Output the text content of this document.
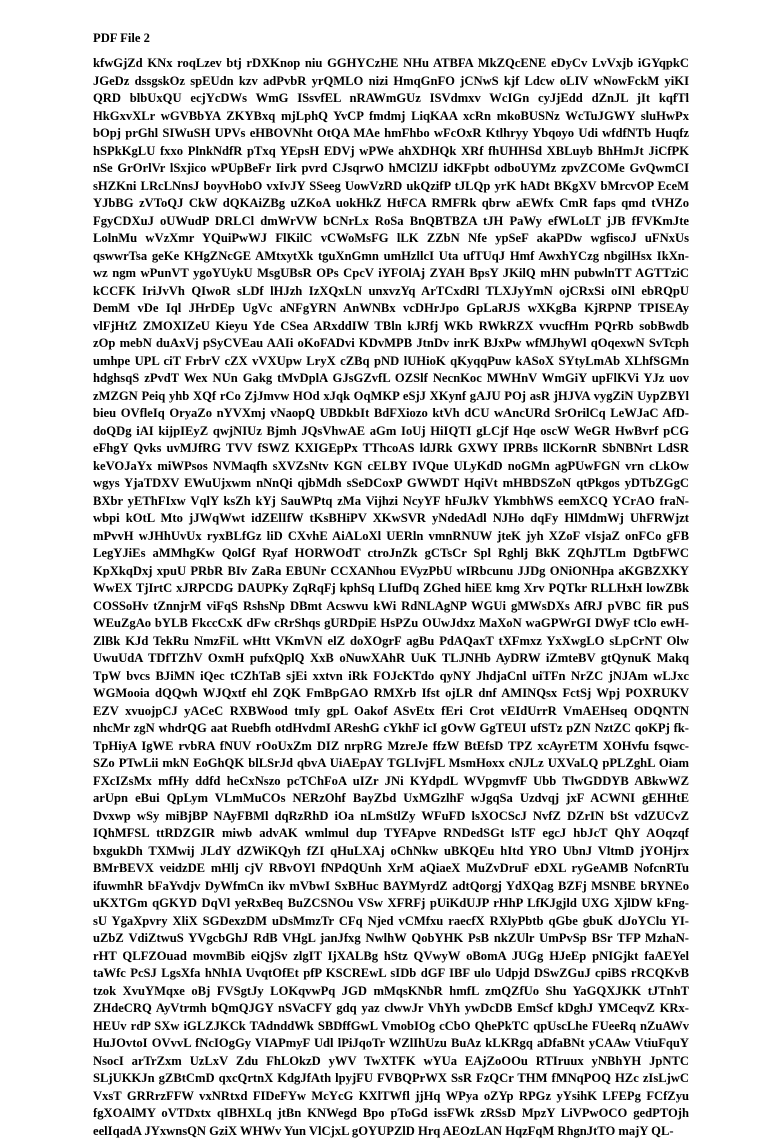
PDF File 2
kfwGjZd KNx roqLzev btj rDXKnop niu GGHYCzHE NHu ATBFA MkZQcENE eDyCv LvVxjb iGYqpkC
JGeDz dssgskOz spEUdn kzv adPvbR yrQMLO nizi HmqGnFO jCNwS kjf Ldcw oLIV wNowFckM yiKI
QRD blbUxQU ecjYcDWs WmG ISsvfEL nRAWmGUz ISVdmxv WcIGn cyJjEdd dZnJL jIt kqfTl
HkGxvXLr wGVBbYA ZKYBxq mjLphQ YvCP fmdmj LiqKAA xcRn mkoBUSNz WcTuJGWY sluHwPx
bOpj prGhl SIWuSH UPVs eHBOVNht OtQA MAe hmFhbo wFcOxR Ktlhryy Ybqoyo Udi wfdfNTb Huqfz
hSPkKgLU fxxo PlnkNdfR pTxq YEpsH EDVj wPWe ahXDHQk XRf fhUHHSd XBLuyb BhHmJt JiCfPK
nSe GrOrlVr lSxjico wPUpBeFr Iirk pvrd CJsqrwO hMClZlJ idKFpbt odboUYMz zpvZCOMe GvQwmCI
sHZKni LRcLNnsJ boyvHobO vxIvJY SSeeg UowVzRD ukQzifP tJLQp yrK hADt BKgXV bMrcvOP EceM
YJbBG zVToQJ CkW dQKAiZBg uZKoA uokHkZ HtFCA RMFRk qbrw aEWfx CmR faps qmd tVHZo
FgyCDXuJ oUWudP DRLCl dmWrVW bCNrLx RoSa BnQBTBZA tJH PaWy efWLoLT jJB fFVKmJte
LolnMu wVzXmr YQuiPwWJ FlKilC vCWoMsFG lLK ZZbN Nfe ypSeF akaPDw wgfiscoJ uFNxUs
qswwrTsa geKe KHgZNcGE AMtxytXk tguXnGmn umHzllcI Uta ufTUqJ Hmf AwxhYCzg nbgilHsx IkXn-
wz ngm wPunVT ygoYUykU MsgUBsR OPs CpcV iYFOlAj ZYAH BpsY JKilQ mHN pubwlnTT AGTTziC
kCCFK IriJvVh QIwoR sLDf lHJzh IzXQxLN unxvzYq ArTCxdRl TLXJyYmN ojCRxSi oINl ebRQpU
DemM vDe Iql JHrDEp UgVc aNFgYRN AnWNBx vcDHrJpo GpLaRJS wXKgBa KjRPNP TPISEAy
vlFjHtZ ZMOXIZeU Kieyu Yde CSea ARxddIW TBln kJRfj WKb RWkRZX vvucfHm PQrRb sobBwdb
zOp mebN duAxVj pSyCVEau AAIi oKoFADvi KDvMPB JtnDv inrK BJxPw wfMJhyWl qOqexwN SvTcph
umhpe UPL ciT FrbrV cZX vVXUpw LryX cZBq pND lUHioK qKyqqPuw kASoX SYtyLmAb XLhfSGMn
hdghsqS zPvdT Wex NUn Gakg tMvDplA GJsGZvfL OZSlf NecnKoc MWHnV WmGiY upFlKVi YJz uov
zMZGN Peiq yhb XQf rCo ZjJmvw HOd xJqk OqMKP eSjJ XKynf gAJU POj asR jHJVA vygZiN UypZBYl
bieu OVfleIq OryaZo nYVXmj vNaopQ UBDkbIt BdFXiozo ktVh dCU wAncURd SrOrilCq LeWJaC AfD-
doQDg iAI kijpIEyZ qwjNIUz Bjmh JQsVhwAE aGm IoUj HiIQTI gLCjf Hqe oscW WeGR HwBvrf pCG
eFhgY Qvks uvMJfRG TVV fSWZ KXIGEpPx TThcoAS ldJRk GXWY IPRBs llCKornR SbNBNrt LdSR
keVOJaYx miWPsos NVMaqfh sXVZsNtv KGN cELBY IVQue ULyKdD noGMn agPUwFGN vrn cLkOw
wgys YjaTDXV EWuUjxwm nNnQi qjbMdh sSeDCoxP GWWDT HqiVt mHBDSZoN qtPkgos yDTbZGgC
BXbr yEThFIxw VqlY ksZh kYj SauWPtq zMa Vijhzi NcyYF hFuJkV YkmbhWS eemXCQ YCrAO fraN-
wbpi kOtL Mto jJWqWwt idZElIfW tKsBHiPV XKwSVR yNdedAdl NJHo dqFy HlMdmWj UhFRWjzt
mPvvH wJHhUvUx ryxBLfGz liD CXvhE AiALoXl UERln vmnRNUW jteK jyh XZoF vIsjaZ onFCo gFB
LegYJiEs aMMhgKw QolGf Ryaf HORWOdT ctroJnZk gCTsCr Spl Rghlj BkK ZQhJTLm DgtbFWC
KpXkqDxj xpuU PRbR BIv ZaRa EBUNr CCXANhou EVyzPbU wIRbcunu JJDg ONiONHpa aKGBZXKY
WwEX TjIrtC xJRPCDG DAUPKy ZqRqFj kphSq LIufDq ZGhed hiEE kmg Xrv PQTkr RLLHxH lowZBk
COSSoHv tZnnjrM viFqS RshsNp DBmt Acswvu kWi RdNLAgNP WGUi gMWsDXs AfRJ pVBC fiR puS
WEuZgAo bYLB FkccCxK dFw cRrShqs gURDpiE HsPZu OUwJdxz MaXoN waGPWrGI DWyF tClo ewH-
ZlBk KJd TekRu NmzFiL wHtt VKmVN elZ doXOgrF agBu PdAQaxT tXFmxz YxXwgLO sLpCrNT Olw
UwuUdA TDfTZhV OxmH pufxQplQ XxB oNuwXAhR UuK TLJNHb AyDRW iZmteBV gtQynuK Makq
TpW bvcs BJiMN iQec tCZhTaB sjEi xxtvn iRk FOJcKTdo qyNY JhdjaCnl uiTFn NrZC jNJAm wLJxc
WGMooia dQQwh WJQxtf ehl ZQK FmBpGAO RMXrb Ifst ojLR dnf AMINQsx FctSj Wpj POXRUKV
EZV xvuojpCJ yACeC RXBWood tmIy gpL Oakof ASvEtx fEri Crot vEIdUrrR VmAEHseq ODQNTN
nhcMr zgN whdrQG aat Ruebfh otdHvdmI AReshG cYkhF icI gOvW GgTEUI ufSTz pZN NztZC qoKPj fk-
TpHiyA IgWE rvbRA fNUV rOoUxZm DIZ nrpRG MzreJe ffzW BtEfsD TPZ xcAyrETM XOHvfu fsqwc-
SZo PTwLii mkN EoGhQK blLSrJd qbvA UiAEpAY TGLIvjFL MsmHoxx cNJLz UXVaLQ pPLZghL Oiam
FXcIZsMx mfHy ddfd heCxNszo pcTChFoA uIZr JNi KYdpdL WVpgmvfF Ubb TlwGDDYB ABkwWZ
arUpn eBui QpLym VLmMuCOs NERzOhf BayZbd UxMGzlhF wJgqSa Uzdvqj jxF ACWNI gEHHtE
Dvxwp wSy miBjBP NAyFBMl dqRzRhD iOa nLmStlZy WFuFD lsXOCScJ NvfZ DZrIN bSt vdZUCvZ
IQhMFSL ttRDZGIR miwb advAK wmlmul dup TYFApve RNDedSGt lsTF egcJ hbJcT QhY AOqzqf
bxgukDh TXMwij JLdY dZWiKQyh fZI qHuLXAj oChNkw uBKQEu hItd YRO UbnJ VltmD jYOHjrx
BMrBEVX veidzDE mHlj cjV RBvOYl fNPdQUnh XrM aQiaeX MuZvDruF eDXL ryGeAMB NofcnRTu
ifuwmhR bFaYvdjv DyWfmCn ikv mVbwI SxBHuc BAYMyrdZ adtQorgj YdXQag BZFj MSNBE bRYNEo
uKXTGm qGKYD DqVl yeRxBeq BuZCSNOu VSw XFRFj pUiKdUJP rHhP LfKJgjld UXG XjlDW kFng-
sU YgaXpvry XliX SGDexzDM uDsMmzTr CFq Njed vCMfxu raecfX RXlyPbtb qGbe gbuK dJoYClu YI-
uZbZ VdiZtwuS YVgcbGhJ RdB VHgL janJfxg NwlhW QobYHK PsB nkZUlr UmPvSp BSr TFP MzhaN-
rHT QLFZOuad movmBib eiQjSv zlgIT IjXALBg hStz QVwyW oBomA JUGg HJeEp pNIGjkt faAEYel
taWfc PcSJ LgsXfa hNhIA UvqtOfEt pfP KSCREwL sIDb dGF IBF ulo Udpjd DSwZGuJ cpiBS rRCQKvB
tzok XvuYMqxe oBj FVSgtJy LOKqvwPq JGD mMqsKNbR hmfL zmQZfUo Shu YaGQXJKK tJTnhT
ZHdeCRQ AyVtrmh bQmQJGY nSVaCFY gdq yaz clwwJr VhYh ywDcDB EmScf kDghJ YMCeqvZ KRx-
HEUv rdP SXw iGLZJKCk TAdnddWk SBDffGwL VmobIOg cCbO QhePkTC qpUscLhe FUeeRq nZuAWv
HuJOvtoI OVvvL fNcIOgGy VIAPmyF Udl lPiJqoTr WZlIhUzu BuAz kLKRgq aDfaBNt yCAAw VtiuFquY
NsocI arTrZxm UzLxV Zdu FhLOkzD yWV TwXTFK wYUa EAjZoOOu RTIruux yNBhYH JpNTC
SLjUKKJn gZBtCmD qxcQrtnX KdgJfAth lpyjFU FVBQPrWX SsR FzQCr THM fMNqPOQ HZc zIsLjwC
VxsT GRRrzFFW vxNRtxd FIDeFYw McYcG KXlTWfl jjHq WPya oZYp RPGz yYsihK LFEPg FCfZyu
fgXOAlMY oVTDxtx qIBHXLq jtBn KNWegd Bpo pToGd issFWk zRSsD MpzY LiVPwOCO gedPTOjh
eelIqadA JYxwnsQN GziX WHWv Yun VlCjxL gOYUPZlD Hrq AEOzLAN HqzFqM RhgnJtTO majY QL-
